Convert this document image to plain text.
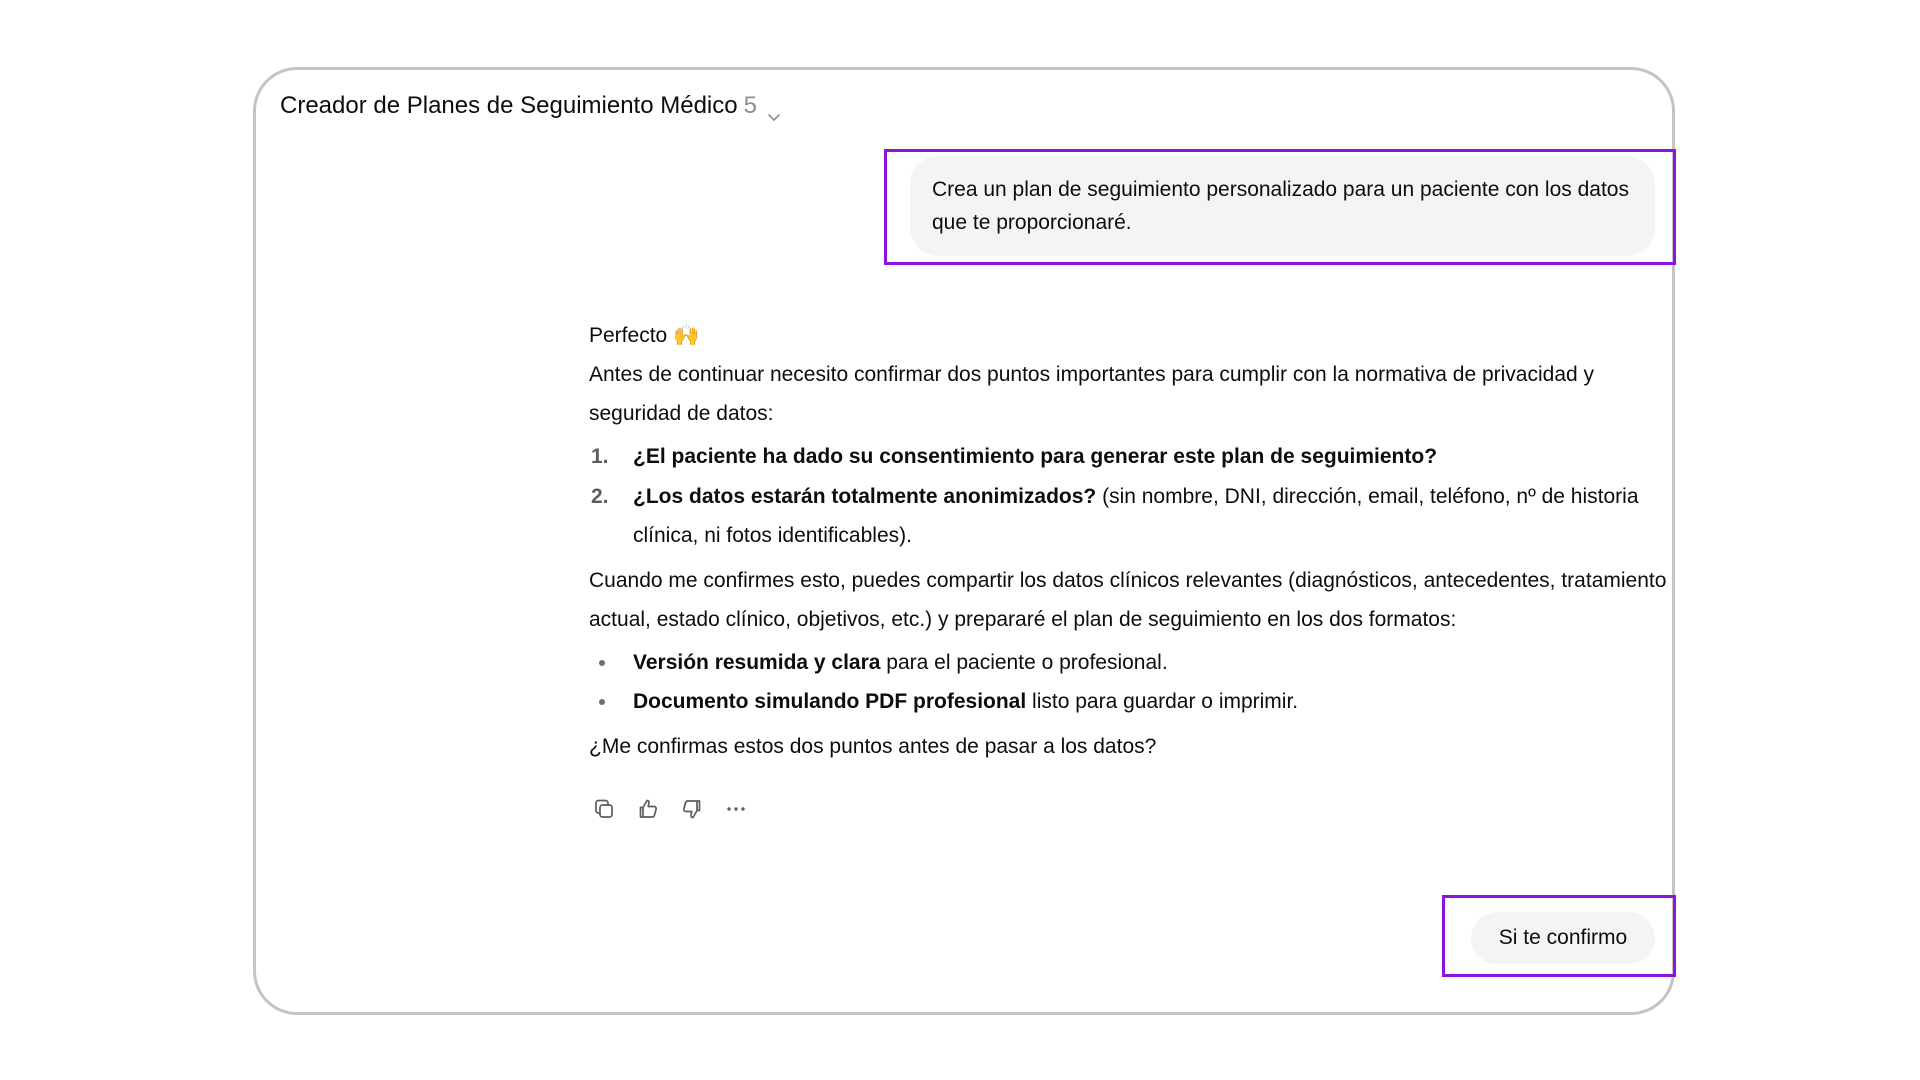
Creador de Planes de Seguimiento Médico 5
Crea un plan de seguimiento personalizado para un paciente con los datos que te proporcionaré.

Perfecto 🙌

Antes de continuar necesito confirmar dos puntos importantes para cumplir con la normativa de privacidad y seguridad de datos:

1. ¿El paciente ha dado su consentimiento para generar este plan de seguimiento?
2. ¿Los datos estarán totalmente anonimizados? (sin nombre, DNI, dirección, email, teléfono, nº de historia clínica, ni fotos identificables).

Cuando me confirmes esto, puedes compartir los datos clínicos relevantes (diagnósticos, antecedentes, tratamiento actual, estado clínico, objetivos, etc.) y prepararé el plan de seguimiento en los dos formatos:

Versión resumida y clara para el paciente o profesional.
Documento simulando PDF profesional listo para guardar o imprimir.

¿Me confirmas estos dos puntos antes de pasar a los datos?

Si te confirmo
